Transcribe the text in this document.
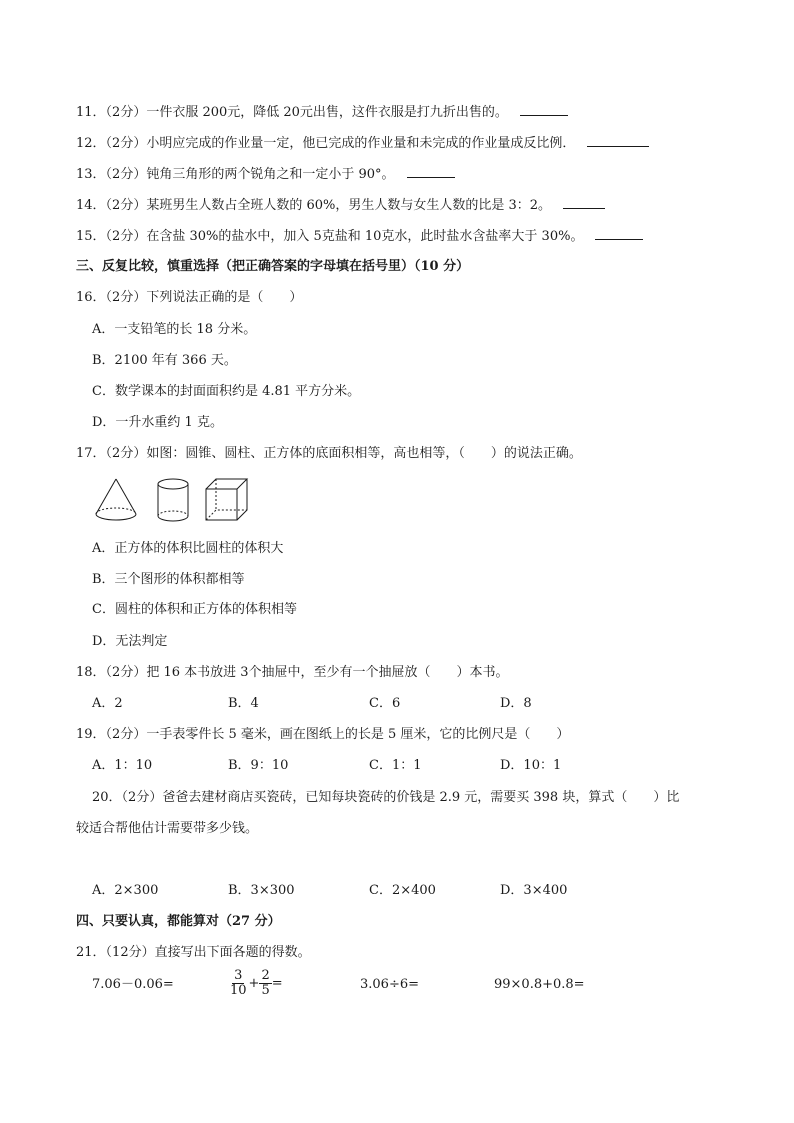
11．（2分）一件衣服 200元，降低 20元出售，这件衣服是打九折出售的。
12．（2分）小明应完成的作业量一定，他已完成的作业量和未完成的作业量成反比例．
13．（2分）钝角三角形的两个锐角之和一定小于 90°。
14．（2分）某班男生人数占全班人数的 60%，男生人数与女生人数的比是 3：2。
15．（2分）在含盐 30%的盐水中，加入 5克盐和 10克水，此时盐水含盐率大于 30%。
三、反复比较，慎重选择（把正确答案的字母填在括号里）（10 分）
16．（2分）下列说法正确的是（　　）
A．一支铅笔的长 18 分米。
B．2100 年有 366 天。
C．数学课本的封面面积约是 4.81 平方分米。
D．一升水重约 1 克。
17．（2分）如图：圆锥、圆柱、正方体的底面积相等，高也相等，（　　）的说法正确。
A．正方体的体积比圆柱的体积大
B．三个图形的体积都相等
C．圆柱的体积和正方体的体积相等
D．无法判定
18．（2分）把 16 本书放进 3个抽屉中，至少有一个抽屉放（　　）本书。
A．2	B．4	C．6	D．8
19．（2分）一手表零件长 5 毫米，画在图纸上的长是 5 厘米，它的比例尺是（　　）
A．1：10	B．9：10	C．1：1	D．10：1
20．（2分）爸爸去建材商店买瓷砖，已知每块瓷砖的价钱是 2.9 元，需要买 398 块，算式（　　）比
较适合帮他估计需要带多少钱。
A．2×300	B．3×300	C．2×400	D．3×400
四、只要认真，都能算对（27 分）
21．（12分）直接写出下面各题的得数。
7.06－0.06=	$\frac{3}{10} + \frac{2}{5}$ =	3.06÷6=	99×0.8+0.8=
